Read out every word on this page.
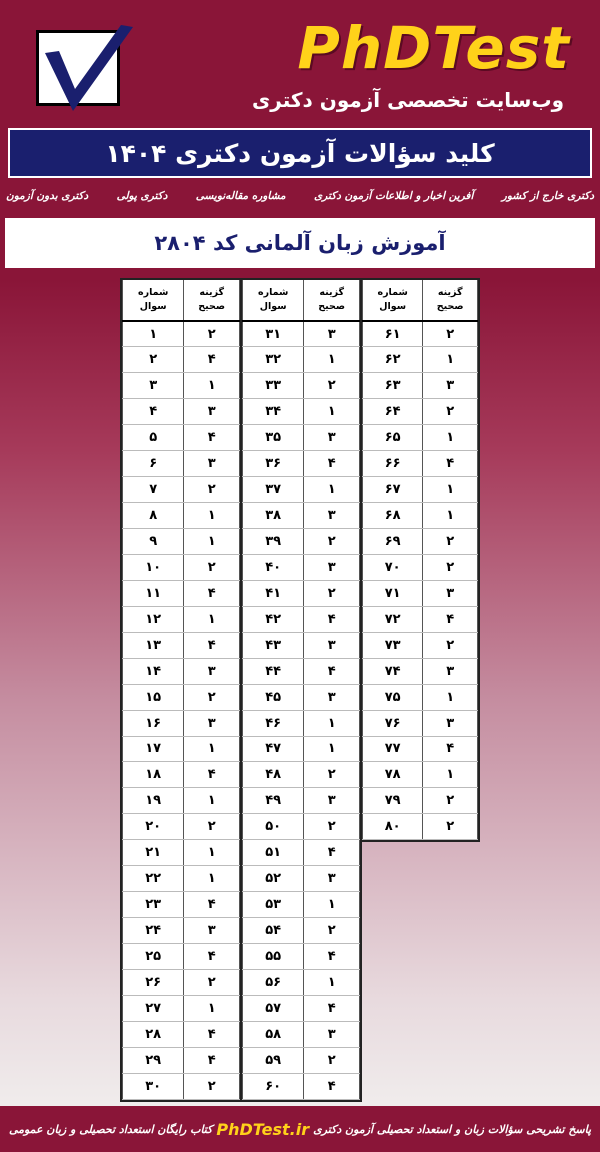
PhDTest
وب‌سایت تخصصی آزمون دکتری
کلید سؤالات آزمون دکتری ۱۴۰۴
دکتری بدون آزمون	دکتری پولی	مشاوره مقاله‌نویسی	آفرین اخبار و اطلاعات آزمون دکتری	دکتری خارج از کشور
آموزش زبان آلمانی کد ۲۸۰۴
شماره سوال	گزینه صحیح
۱	۲
۲	۴
۳	۱
۴	۳
۵	۴
۶	۳
۷	۲
۸	۱
۹	۱
۱۰	۲
۱۱	۴
۱۲	۱
۱۳	۴
۱۴	۳
۱۵	۲
۱۶	۳
۱۷	۱
۱۸	۴
۱۹	۱
۲۰	۲
۲۱	۱
۲۲	۱
۲۳	۴
۲۴	۳
۲۵	۴
۲۶	۲
۲۷	۱
۲۸	۴
۲۹	۴
۳۰	۲
شماره سوال	گزینه صحیح
۳۱	۳
۳۲	۱
۳۳	۲
۳۴	۱
۳۵	۳
۳۶	۴
۳۷	۱
۳۸	۳
۳۹	۲
۴۰	۳
۴۱	۲
۴۲	۴
۴۳	۳
۴۴	۴
۴۵	۳
۴۶	۱
۴۷	۱
۴۸	۲
۴۹	۳
۵۰	۲
۵۱	۴
۵۲	۳
۵۳	۱
۵۴	۲
۵۵	۴
۵۶	۱
۵۷	۴
۵۸	۳
۵۹	۲
۶۰	۴
شماره سوال	گزینه صحیح
۶۱	۲
۶۲	۱
۶۳	۳
۶۴	۲
۶۵	۱
۶۶	۴
۶۷	۱
۶۸	۱
۶۹	۲
۷۰	۲
۷۱	۳
۷۲	۴
۷۳	۲
۷۴	۳
۷۵	۱
۷۶	۳
۷۷	۴
۷۸	۱
۷۹	۲
۸۰	۲
پاسخ تشریحی سؤالات زبان و استعداد تحصیلی آزمون دکتری
PhDTest.ir
کتاب رایگان استعداد تحصیلی و زبان عمومی
